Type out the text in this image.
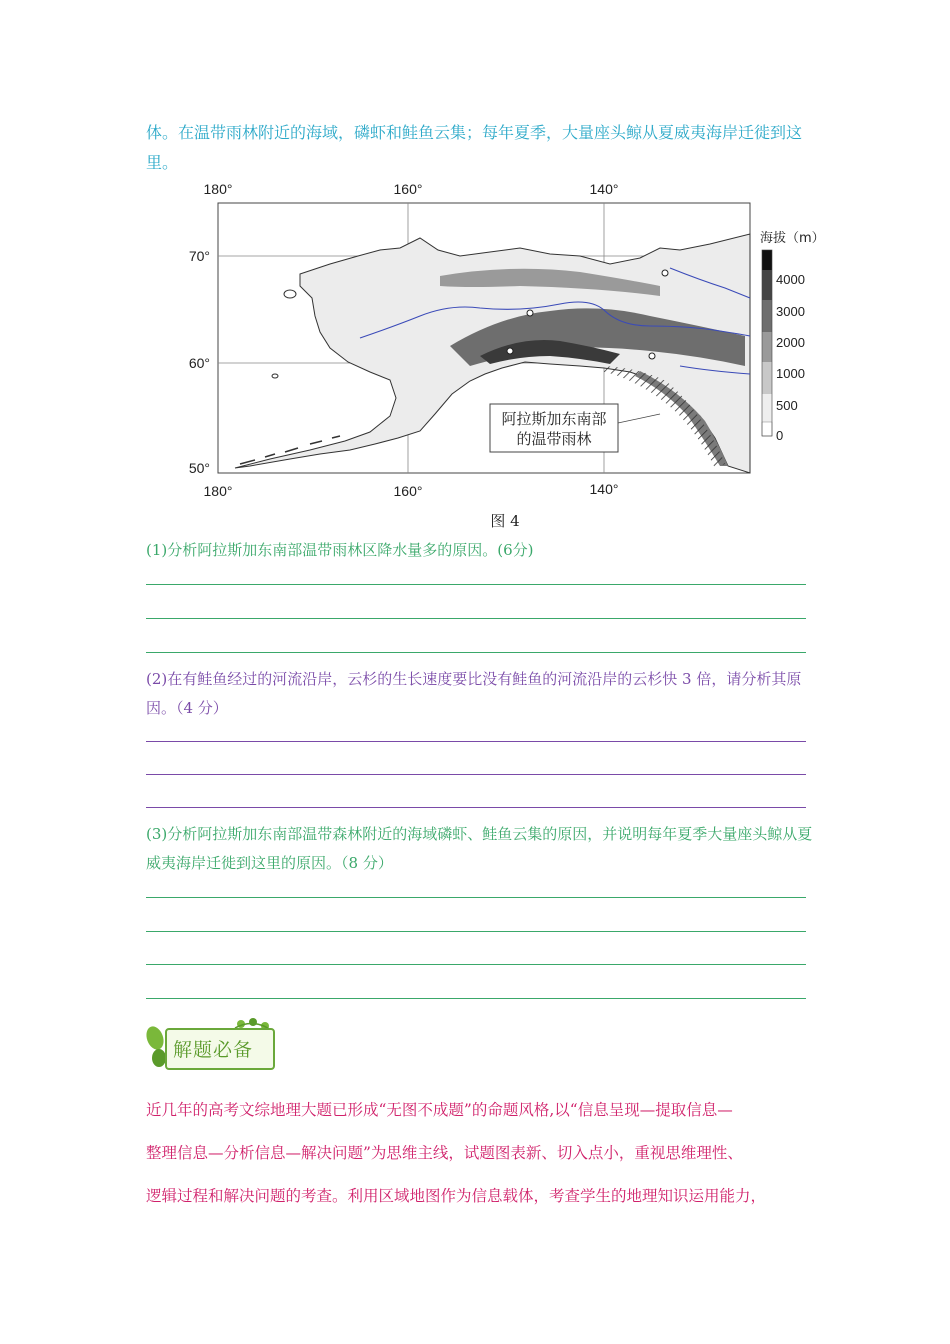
体。在温带雨林附近的海域，磷虾和鲑鱼云集；每年夏季，大量座头鲸从夏威夷海岸迁徙到这里。
180°	160°	140°
180°	160°	140°
70°
60°
50°
阿拉斯加东南部
的温带雨林
海拔（m）
4000
3000
2000
1000
500
0
图 4
(1)分析阿拉斯加东南部温带雨林区降水量多的原因。(6分)
(2)在有鲑鱼经过的河流沿岸，云杉的生长速度要比没有鲑鱼的河流沿岸的云杉快 3 倍，请分析其原因。（4 分）
(3)分析阿拉斯加东南部温带森林附近的海域磷虾、鲑鱼云集的原因，并说明每年夏季大量座头鲸从夏威夷海岸迁徙到这里的原因。（8 分）
解题必备
近几年的高考文综地理大题已形成“无图不成题”的命题风格,以“信息呈现—提取信息—
整理信息—分析信息—解决问题”为思维主线，试题图表新、切入点小，重视思维理性、
逻辑过程和解决问题的考查。利用区域地图作为信息载体，考查学生的地理知识运用能力，
